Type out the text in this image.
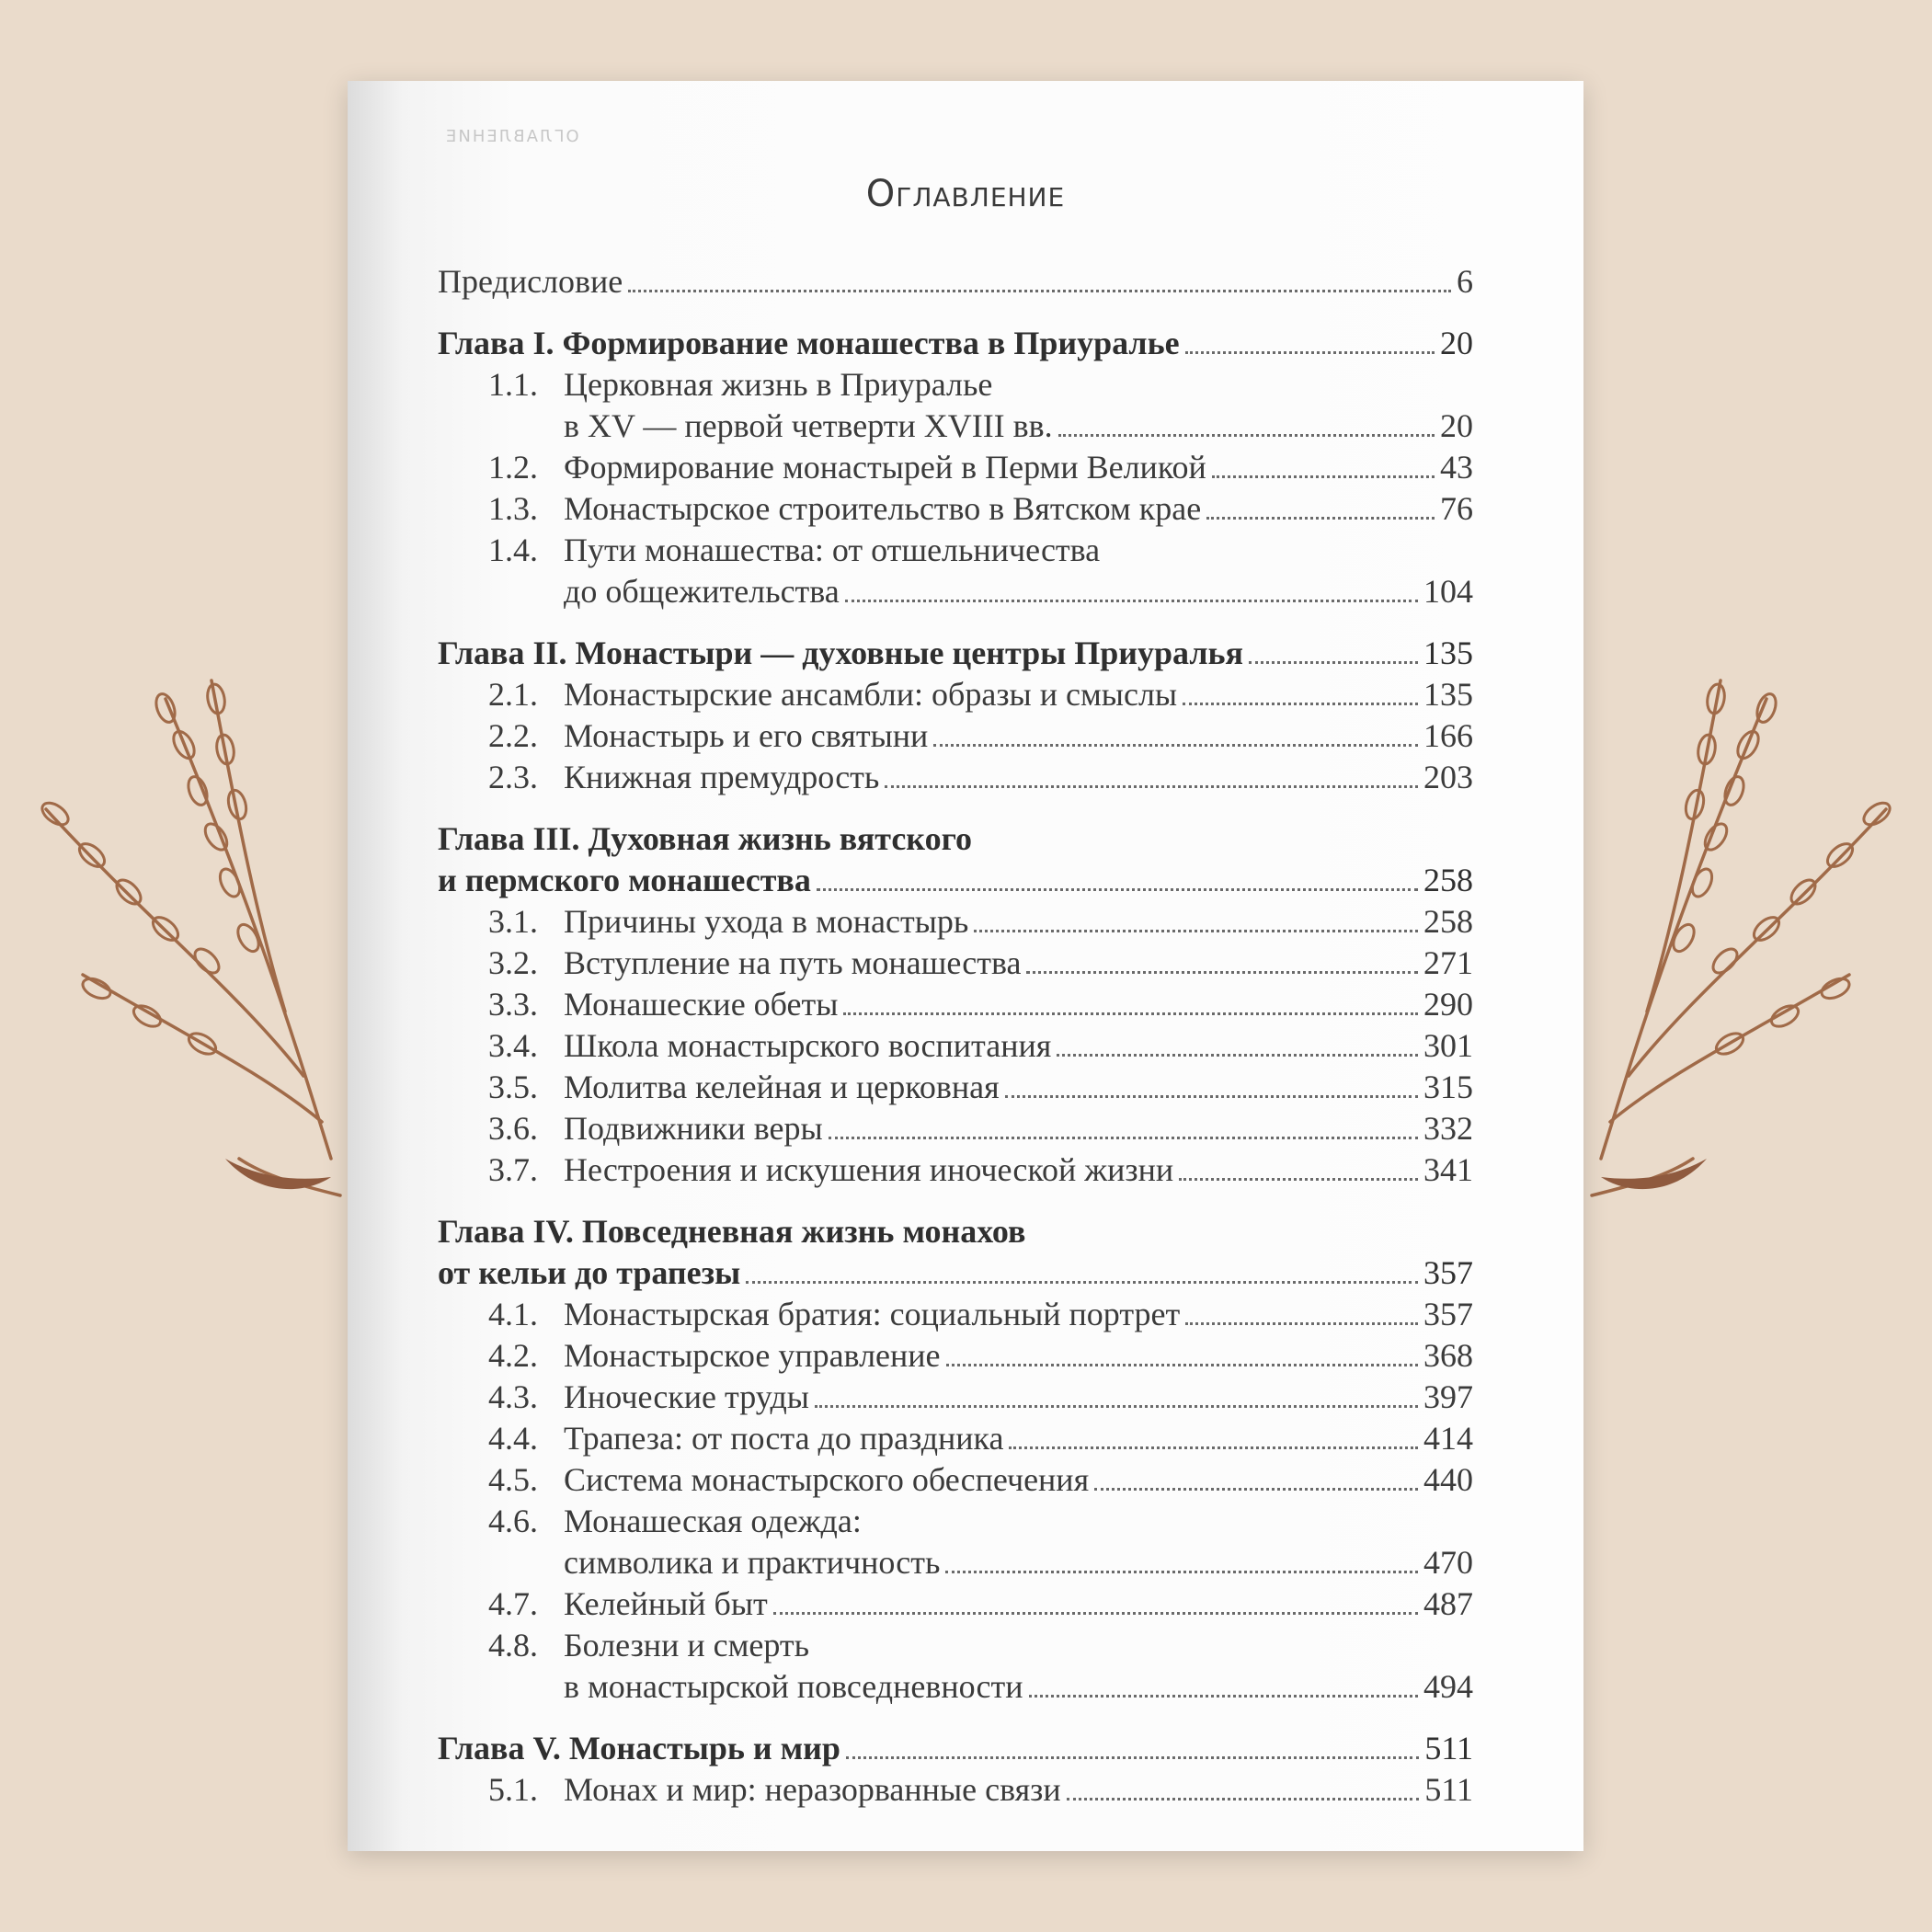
ОГЛАВЛЕНИЕ
Оглавление
Предисловие	6
Глава I. Формирование монашества в Приуралье	20
1.1. Церковная жизнь в Приуралье
в XV — первой четверти XVIII вв.	20
1.2. Формирование монастырей в Перми Великой	43
1.3. Монастырское строительство в Вятском крае	76
1.4. Пути монашества: от отшельничества
до общежительства	104
Глава II. Монастыри — духовные центры Приуралья	135
2.1. Монастырские ансамбли: образы и смыслы	135
2.2. Монастырь и его святыни	166
2.3. Книжная премудрость	203
Глава III. Духовная жизнь вятского
и пермского монашества	258
3.1. Причины ухода в монастырь	258
3.2. Вступление на путь монашества	271
3.3. Монашеские обеты	290
3.4. Школа монастырского воспитания	301
3.5. Молитва келейная и церковная	315
3.6. Подвижники веры	332
3.7. Нестроения и искушения иноческой жизни	341
Глава IV. Повседневная жизнь монахов
от кельи до трапезы	357
4.1. Монастырская братия: социальный портрет	357
4.2. Монастырское управление	368
4.3. Иноческие труды	397
4.4. Трапеза: от поста до праздника	414
4.5. Система монастырского обеспечения	440
4.6. Монашеская одежда:
символика и практичность	470
4.7. Келейный быт	487
4.8. Болезни и смерть
в монастырской повседневности	494
Глава V. Монастырь и мир	511
5.1. Монах и мир: неразорванные связи	511
